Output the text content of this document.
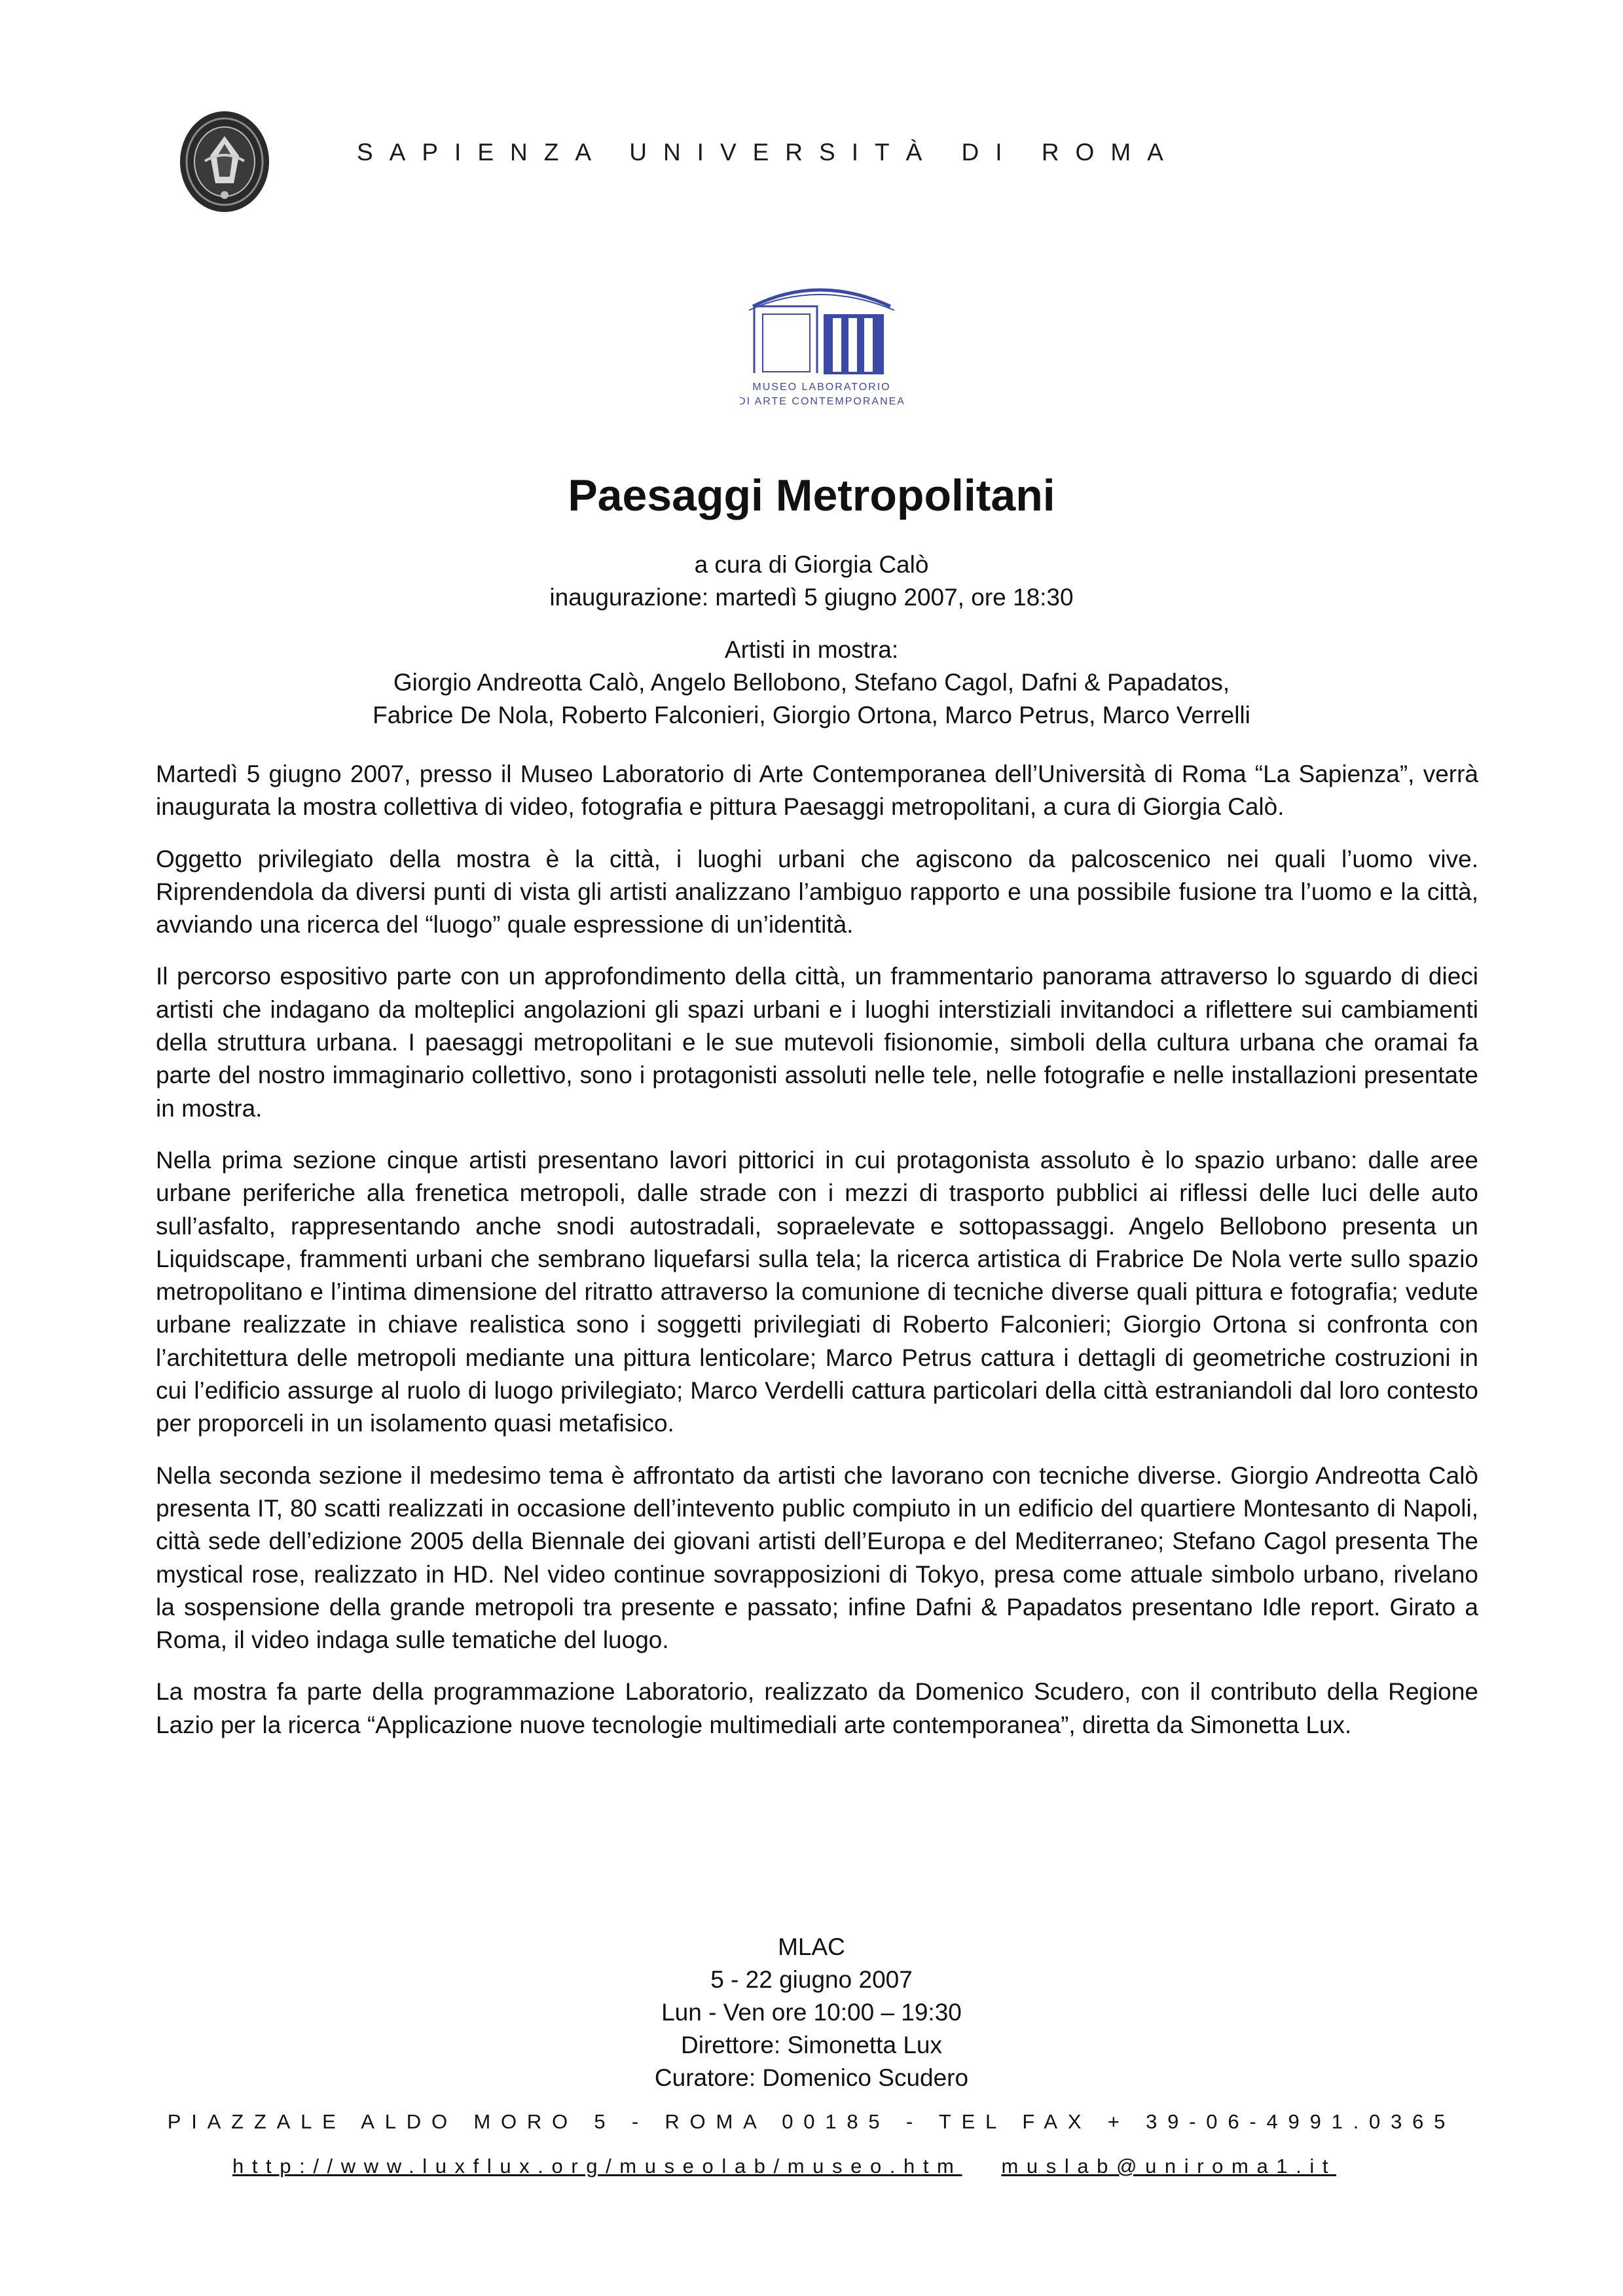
SAPIENZA UNIVERSITÀ DI ROMA
MUSEO LABORATORIO
DI ARTE CONTEMPORANEA
Paesaggi Metropolitani
a cura di Giorgia Calò
inaugurazione: martedì 5 giugno 2007, ore 18:30
Artisti in mostra:
Giorgio Andreotta Calò, Angelo Bellobono, Stefano Cagol, Dafni & Papadatos,
Fabrice De Nola, Roberto Falconieri, Giorgio Ortona, Marco Petrus, Marco Verrelli

Martedì 5 giugno 2007, presso il Museo Laboratorio di Arte Contemporanea dell’Università di Roma “La Sapienza”, verrà inaugurata la mostra collettiva di video, fotografia e pittura Paesaggi metropolitani, a cura di Giorgia Calò.

Oggetto privilegiato della mostra è la città, i luoghi urbani che agiscono da palcoscenico nei quali l’uomo vive. Riprendendola da diversi punti di vista gli artisti analizzano l’ambiguo rapporto e una possibile fusione tra l’uomo e la città, avviando una ricerca del “luogo” quale espressione di un’identità.

Il percorso espositivo parte con un approfondimento della città, un frammentario panorama attraverso lo sguardo di dieci artisti che indagano da molteplici angolazioni gli spazi urbani e i luoghi interstiziali invitandoci a riflettere sui cambiamenti della struttura urbana. I paesaggi metropolitani e le sue mutevoli fisionomie, simboli della cultura urbana che oramai fa parte del nostro immaginario collettivo, sono i protagonisti assoluti nelle tele, nelle fotografie e nelle installazioni presentate in mostra.

Nella prima sezione cinque artisti presentano lavori pittorici in cui protagonista assoluto è lo spazio urbano: dalle aree urbane periferiche alla frenetica metropoli, dalle strade con i mezzi di trasporto pubblici ai riflessi delle luci delle auto sull’asfalto, rappresentando anche snodi autostradali, sopraelevate e sottopassaggi. Angelo Bellobono presenta un Liquidscape, frammenti urbani che sembrano liquefarsi sulla tela; la ricerca artistica di Frabrice De Nola verte sullo spazio metropolitano e l’intima dimensione del ritratto attraverso la comunione di tecniche diverse quali pittura e fotografia; vedute urbane realizzate in chiave realistica sono i soggetti privilegiati di Roberto Falconieri; Giorgio Ortona si confronta con l’architettura delle metropoli mediante una pittura lenticolare; Marco Petrus cattura i dettagli di geometriche costruzioni in cui l’edificio assurge al ruolo di luogo privilegiato; Marco Verdelli cattura particolari della città estraniandoli dal loro contesto per proporceli in un isolamento quasi metafisico.

Nella seconda sezione il medesimo tema è affrontato da artisti che lavorano con tecniche diverse. Giorgio Andreotta Calò presenta IT, 80 scatti realizzati in occasione dell’intevento public compiuto in un edificio del quartiere Montesanto di Napoli, città sede dell’edizione 2005 della Biennale dei giovani artisti dell’Europa e del Mediterraneo; Stefano Cagol presenta The mystical rose, realizzato in HD. Nel video continue sovrapposizioni di Tokyo, presa come attuale simbolo urbano, rivelano la sospensione della grande metropoli tra presente e passato; infine Dafni & Papadatos presentano Idle report. Girato a Roma, il video indaga sulle tematiche del luogo.

La mostra fa parte della programmazione Laboratorio, realizzato da Domenico Scudero, con il contributo della Regione Lazio per la ricerca “Applicazione nuove tecnologie multimediali arte contemporanea”, diretta da Simonetta Lux.

MLAC
5 - 22 giugno 2007
Lun - Ven ore 10:00 – 19:30
Direttore: Simonetta Lux
Curatore: Domenico Scudero
PIAZZALE ALDO MORO 5 - ROMA 00185 - TEL FAX + 39-06-4991.0365
http://www.luxflux.org/museolab/museo.htm muslab@uniroma1.it
